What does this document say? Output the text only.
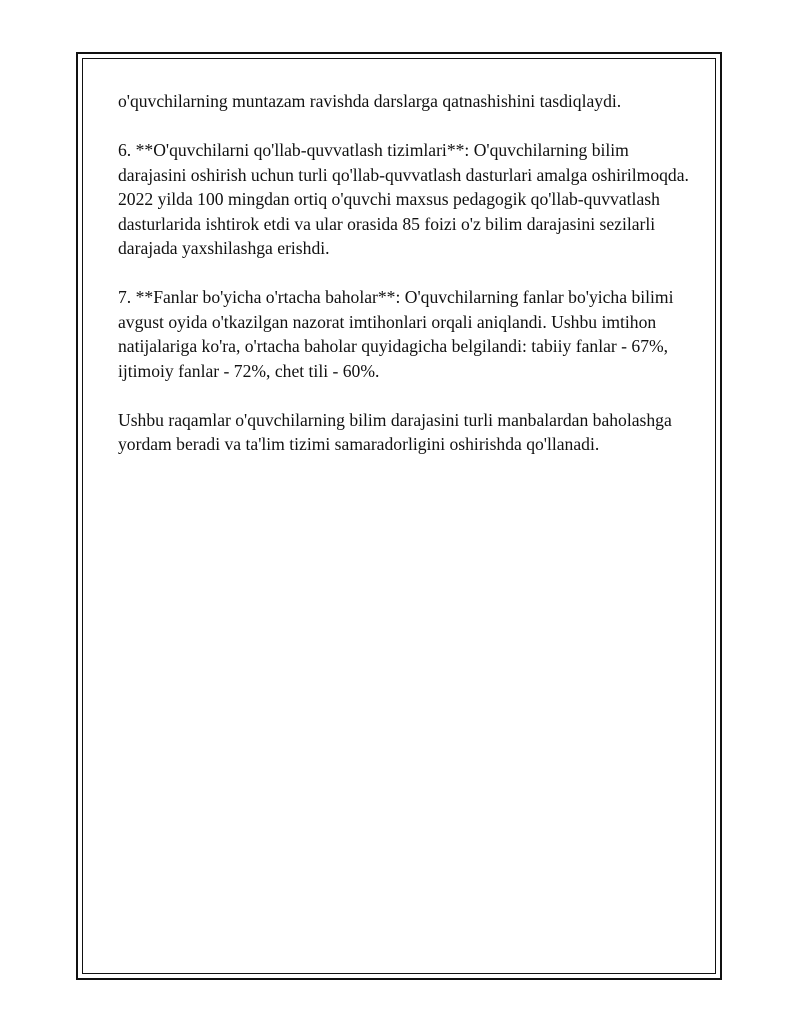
o'quvchilarning muntazam ravishda darslarga qatnashishini tasdiqlaydi.

6. **O'quvchilarni qo'llab-quvvatlash tizimlari**: O'quvchilarning bilim darajasini oshirish uchun turli qo'llab-quvvatlash dasturlari amalga oshirilmoqda. 2022 yilda 100 mingdan ortiq o'quvchi maxsus pedagogik qo'llab-quvvatlash dasturlarida ishtirok etdi va ular orasida 85 foizi o'z bilim darajasini sezilarli darajada yaxshilashga erishdi.

7. **Fanlar bo'yicha o'rtacha baholar**: O'quvchilarning fanlar bo'yicha bilimi avgust oyida o'tkazilgan nazorat imtihonlari orqali aniqlandi. Ushbu imtihon natijalariga ko'ra, o'rtacha baholar quyidagicha belgilandi: tabiiy fanlar - 67%, ijtimoiy fanlar - 72%, chet tili - 60%.

Ushbu raqamlar o'quvchilarning bilim darajasini turli manbalardan baholashga yordam beradi va ta'lim tizimi samaradorligini oshirishda qo'llanadi.
